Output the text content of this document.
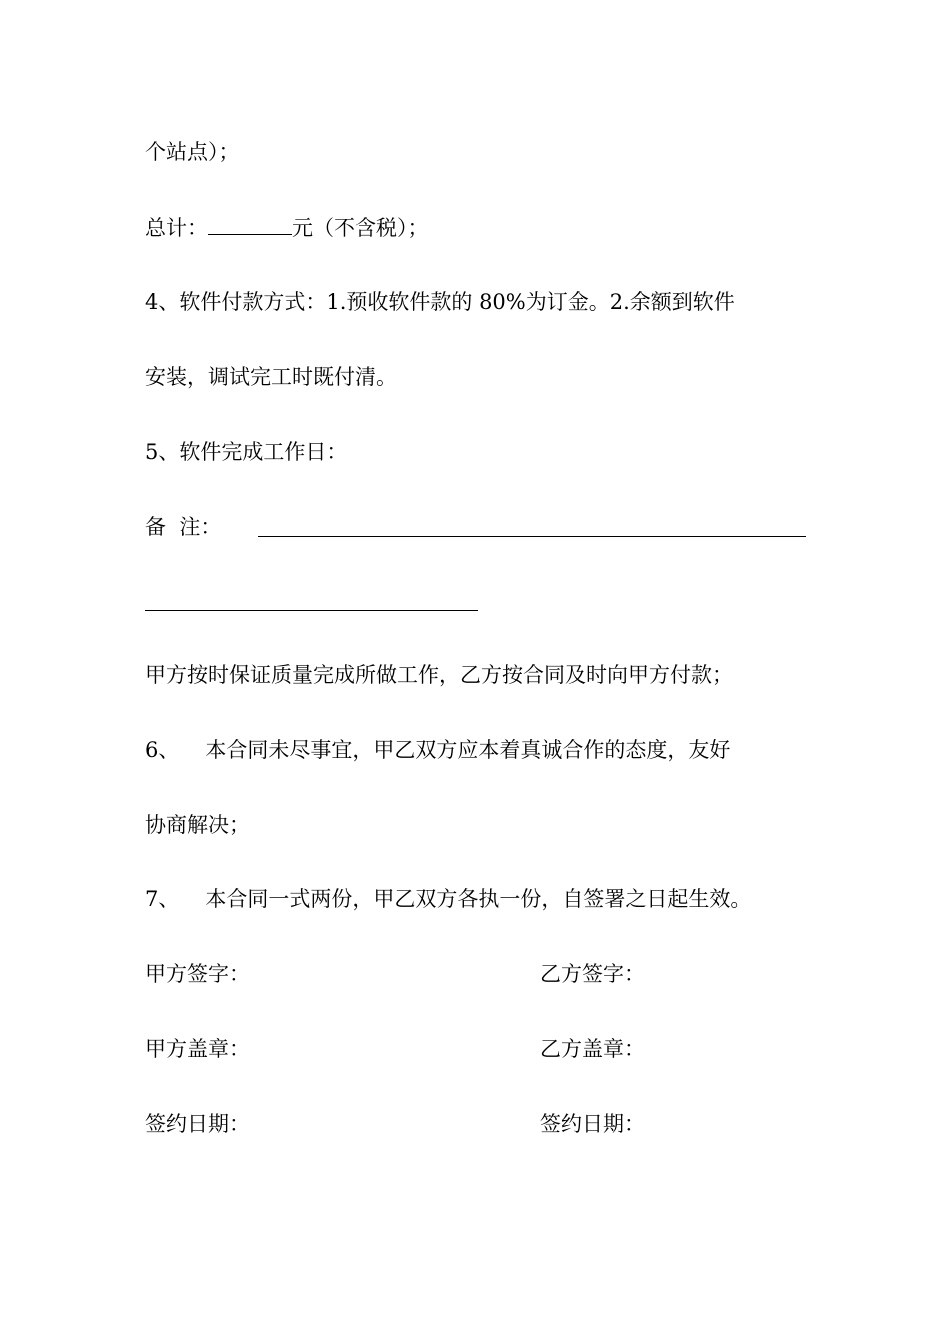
个站点）；
总计：	元（不含税）；
4、软件付款方式：1.预收软件款的 80%为订金。2.余额到软件
安装，调试完工时既付清。
5、软件完成工作日：
备  注：
甲方按时保证质量完成所做工作，乙方按合同及时向甲方付款；
6、 本合同未尽事宜，甲乙双方应本着真诚合作的态度，友好
协商解决；
7、 本合同一式两份，甲乙双方各执一份，自签署之日起生效。
甲方签字：	乙方签字：
甲方盖章：	乙方盖章：
签约日期：	签约日期：
